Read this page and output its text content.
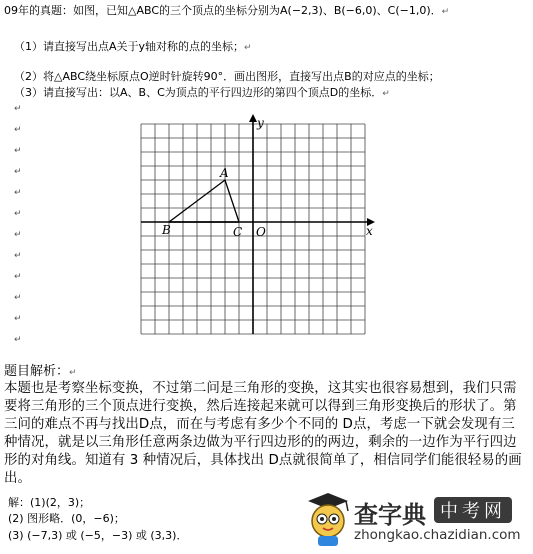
09年的真题：如图，已知△ABC的三个顶点的坐标分别为A(−2,3)、B(−6,0)、C(−1,0)．↵
（1）请直接写出点A关于y轴对称的点的坐标；↵
（2）将△ABC绕坐标原点O逆时针旋转90°．画出图形，直接写出点B的对应点的坐标；
（3）请直接写出：以A、B、C为顶点的平行四边形的第四个顶点D的坐标．↵
↵
↵
↵
↵
↵
↵
↵
↵
↵
↵
↵
↵
A
B	C O	x
y
题目解析：↵
本题也是考察坐标变换，不过第二问是三角形的变换，这其实也很容易想到，我们只需要将三角形的三个顶点进行变换，然后连接起来就可以得到三角形变换后的形状了。第三问的难点不再与找出D点，而在与考虑有多少个不同的 D点，考虑一下就会发现有三种情况，就是以三角形任意两条边做为平行四边形的的两边，剩余的一边作为平行四边形的对角线。知道有 3 种情况后，具体找出 D点就很简单了，相信同学们能很轻易的画出。
解：(1)(2，3)；
(2) 图形略．(0，−6)；
(3) (−7,3) 或 (−5，−3) 或 (3,3)．
查字典 中考网
zhongkao.chazidian.com
